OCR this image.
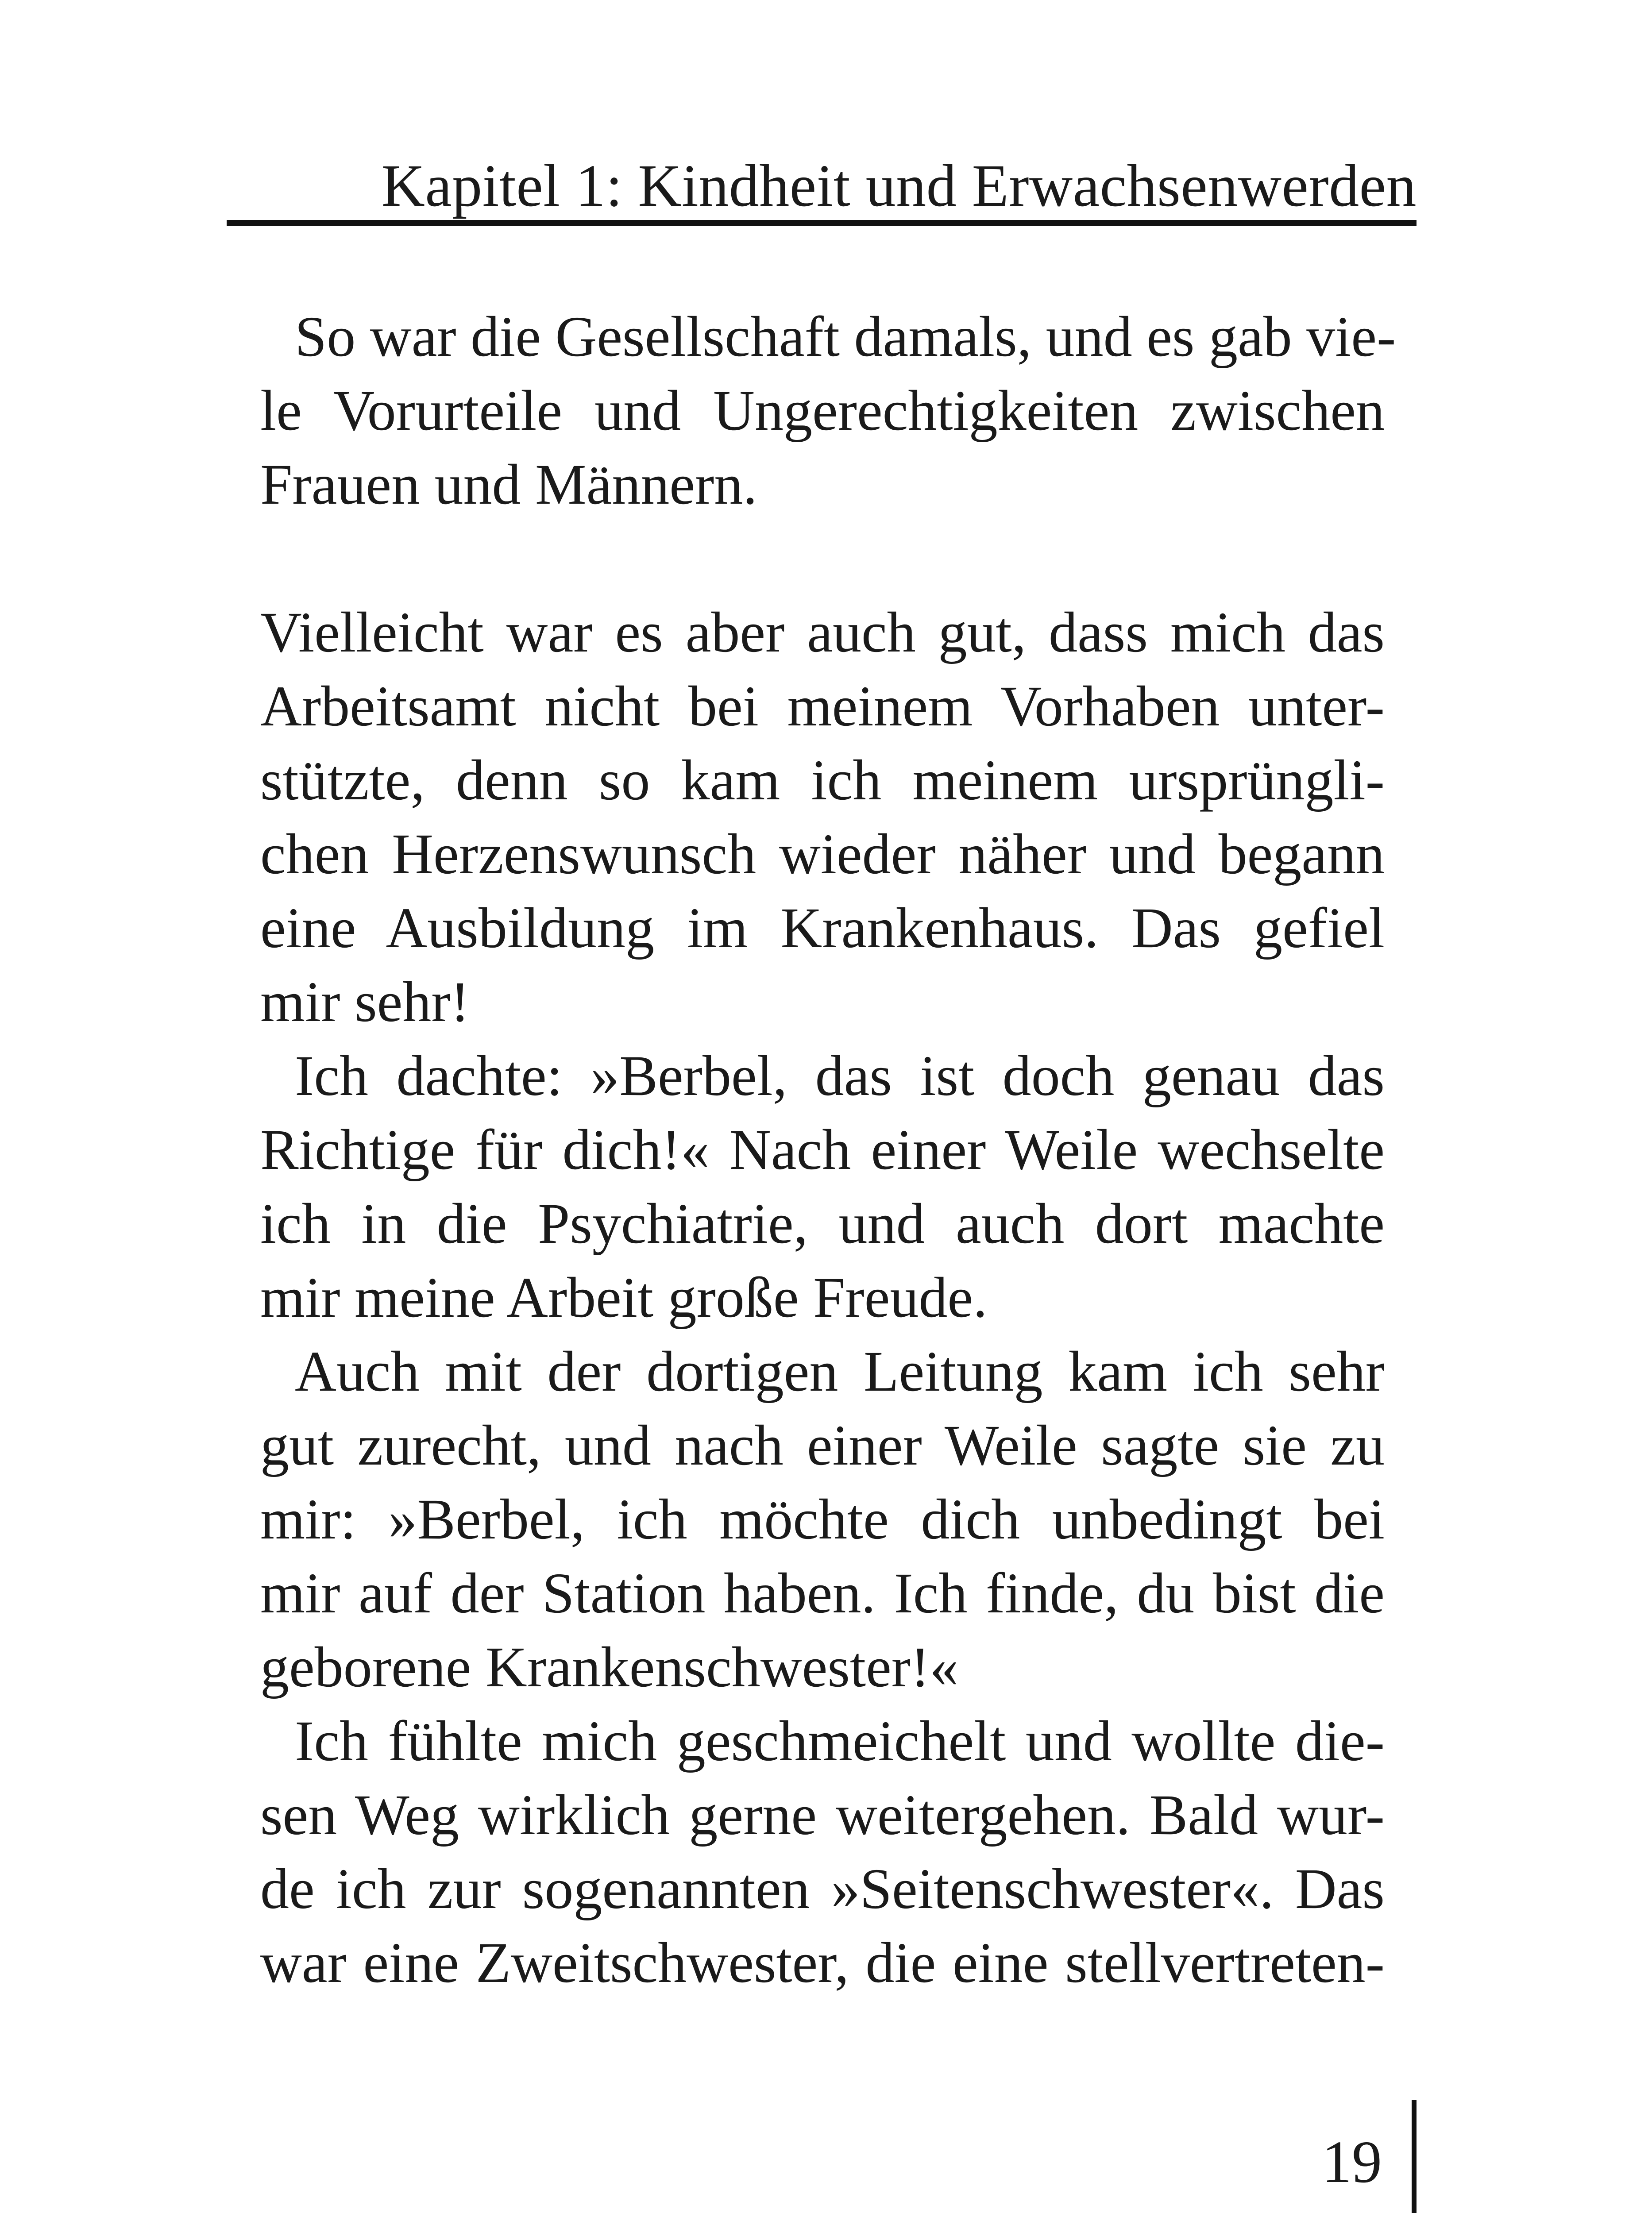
Kapitel 1: Kindheit und Erwachsenwerden

So war die Gesellschaft damals, und es gab vie-
le Vorurteile und Ungerechtigkeiten zwischen
Frauen und Männern.

Vielleicht war es aber auch gut, dass mich das
Arbeitsamt nicht bei meinem Vorhaben unter-
stützte, denn so kam ich meinem ursprüngli-
chen Herzenswunsch wieder näher und begann
eine Ausbildung im Krankenhaus. Das gefiel
mir sehr!

Ich dachte: »Berbel, das ist doch genau das
Richtige für dich!« Nach einer Weile wechselte
ich in die Psychiatrie, und auch dort machte
mir meine Arbeit große Freude.

Auch mit der dortigen Leitung kam ich sehr
gut zurecht, und nach einer Weile sagte sie zu
mir: »Berbel, ich möchte dich unbedingt bei
mir auf der Station haben. Ich finde, du bist die
geborene Krankenschwester!«

Ich fühlte mich geschmeichelt und wollte die-
sen Weg wirklich gerne weitergehen. Bald wur-
de ich zur sogenannten »Seitenschwester«. Das
war eine Zweitschwester, die eine stellvertreten-

19
